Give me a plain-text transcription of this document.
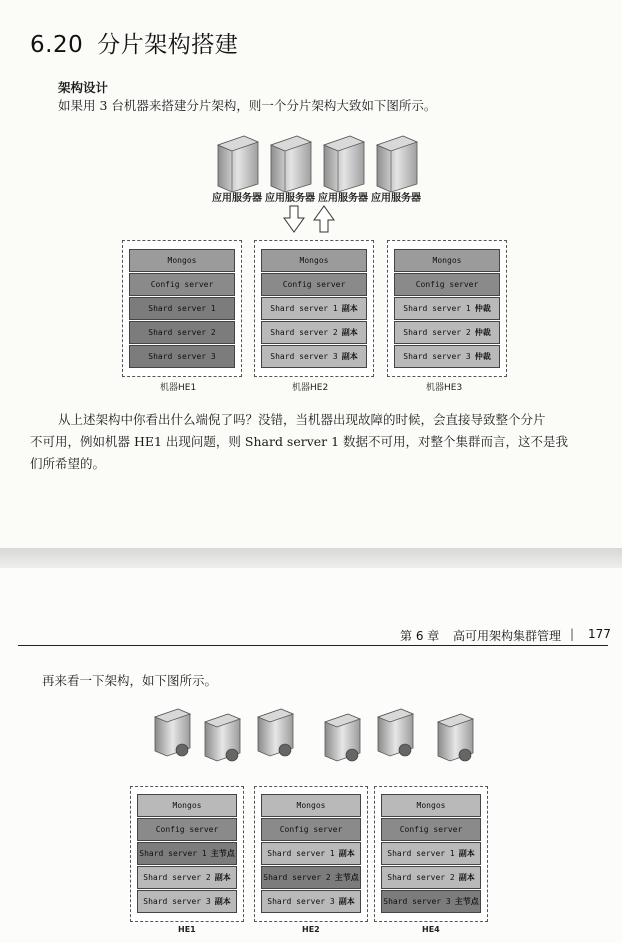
6.20 分片架构搭建
架构设计
如果用 3 台机器来搭建分片架构，则一个分片架构大致如下图所示。
应用服务器 应用服务器 应用服务器 应用服务器
Mongos
Config server
Shard server 1
Shard server 2
Shard server 3
机器HE1
Mongos
Config server
Shard server 1 副本
Shard server 2 副本
Shard server 3 副本
机器HE2
Mongos
Config server
Shard server 1 仲裁
Shard server 2 仲裁
Shard server 3 仲裁
机器HE3
从上述架构中你看出什么端倪了吗？没错，当机器出现故障的时候，会直接导致整个分片
不可用，例如机器 HE1 出现问题，则 Shard server 1 数据不可用，对整个集群而言，这不是我
们所希望的。
第 6 章 高可用架构集群管理 | 177
再来看一下架构，如下图所示。
Mongos
Config server
Shard server 1 主节点
Shard server 2 副本
Shard server 3 副本
HE1
Mongos
Config server
Shard server 1 副本
Shard server 2 主节点
Shard server 3 副本
HE2
Mongos
Config server
Shard server 1 副本
Shard server 2 副本
Shard server 3 主节点
HE4
